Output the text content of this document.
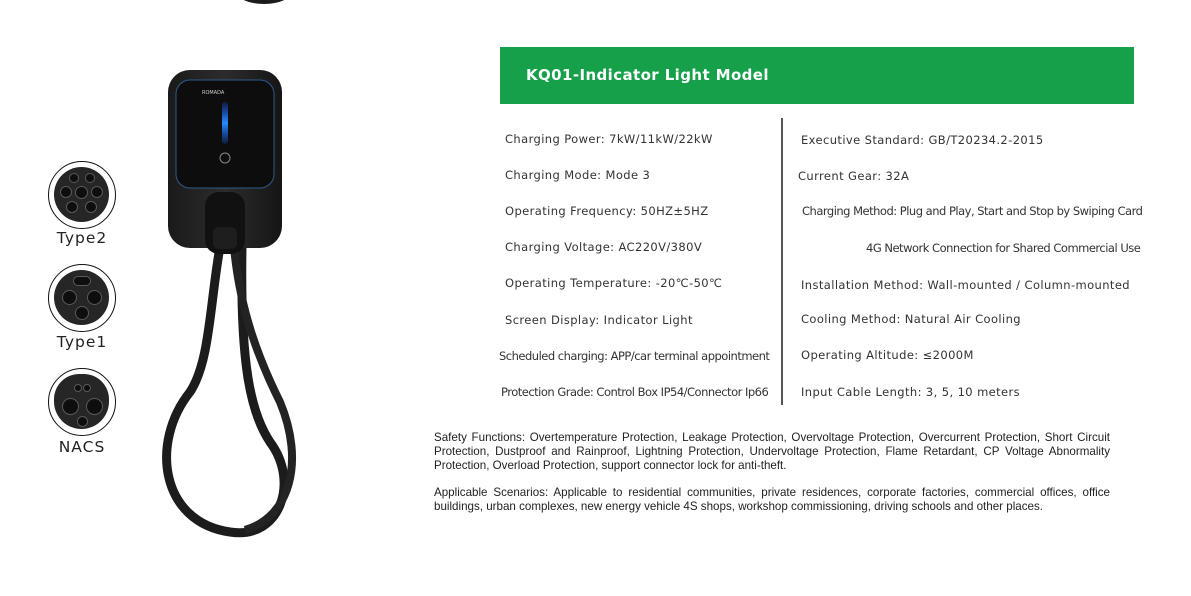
Type2
Type1
NACS
ROMADA
KQ01-Indicator Light Model
Charging Power: 7kW/11kW/22kW
Charging Mode: Mode 3
Operating Frequency: 50HZ±5HZ
Charging Voltage: AC220V/380V
Operating Temperature: -20℃-50℃
Screen Display: Indicator Light
Scheduled charging: APP/car terminal appointment
Protection Grade: Control Box IP54/Connector Ip66
Executive Standard: GB/T20234.2-2015
Current Gear: 32A
Charging Method: Plug and Play, Start and Stop by Swiping Card
4G Network Connection for Shared Commercial Use
Installation Method: Wall-mounted / Column-mounted
Cooling Method: Natural Air Cooling
Operating Altitude: ≤2000M
Input Cable Length: 3, 5, 10 meters
Safety Functions: Overtemperature Protection, Leakage Protection, Overvoltage Protection, Overcurrent Protection, Short Circuit Protection, Dustproof and Rainproof, Lightning Protection, Undervoltage Protection, Flame Retardant, CP Voltage Abnormality Protection, Overload Protection, support connector lock for anti-theft.
Applicable Scenarios: Applicable to residential communities, private residences, corporate factories, commercial offices, office buildings, urban complexes, new energy vehicle 4S shops, workshop commissioning, driving schools and other places.
